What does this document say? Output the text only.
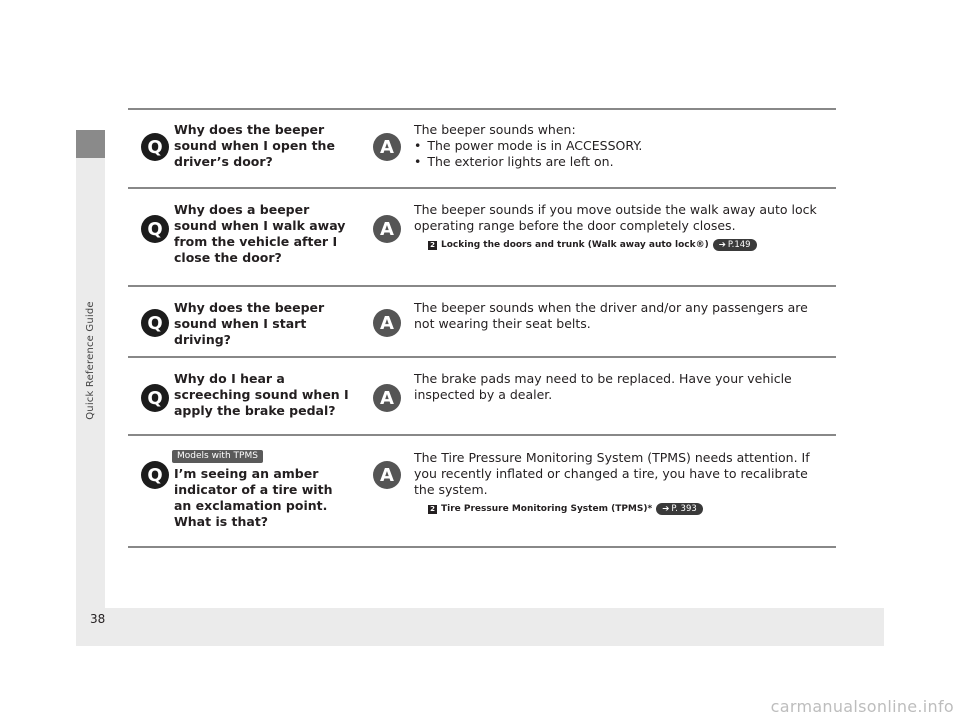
Quick Reference Guide
Q
Why does the beeper sound when I open the driver’s door?
A
The beeper sounds when:
• The power mode is in ACCESSORY.
• The exterior lights are left on.
Q
Why does a beeper sound when I walk away from the vehicle after I close the door?
A
The beeper sounds if you move outside the walk away auto lock operating range before the door completely closes.
2 Locking the doors and trunk (Walk away auto lock®) ➔ P.149
Q
Why does the beeper sound when I start driving?
A
The beeper sounds when the driver and/or any passengers are not wearing their seat belts.
Q
Why do I hear a screeching sound when I apply the brake pedal?
A
The brake pads may need to be replaced. Have your vehicle inspected by a dealer.
Models with TPMS
Q I’m seeing an amber indicator of a tire with an exclamation point. What is that?
A
The Tire Pressure Monitoring System (TPMS) needs attention. If you recently inflated or changed a tire, you have to recalibrate the system.
2 Tire Pressure Monitoring System (TPMS)* ➔ P. 393
38
carmanualsonline.info
